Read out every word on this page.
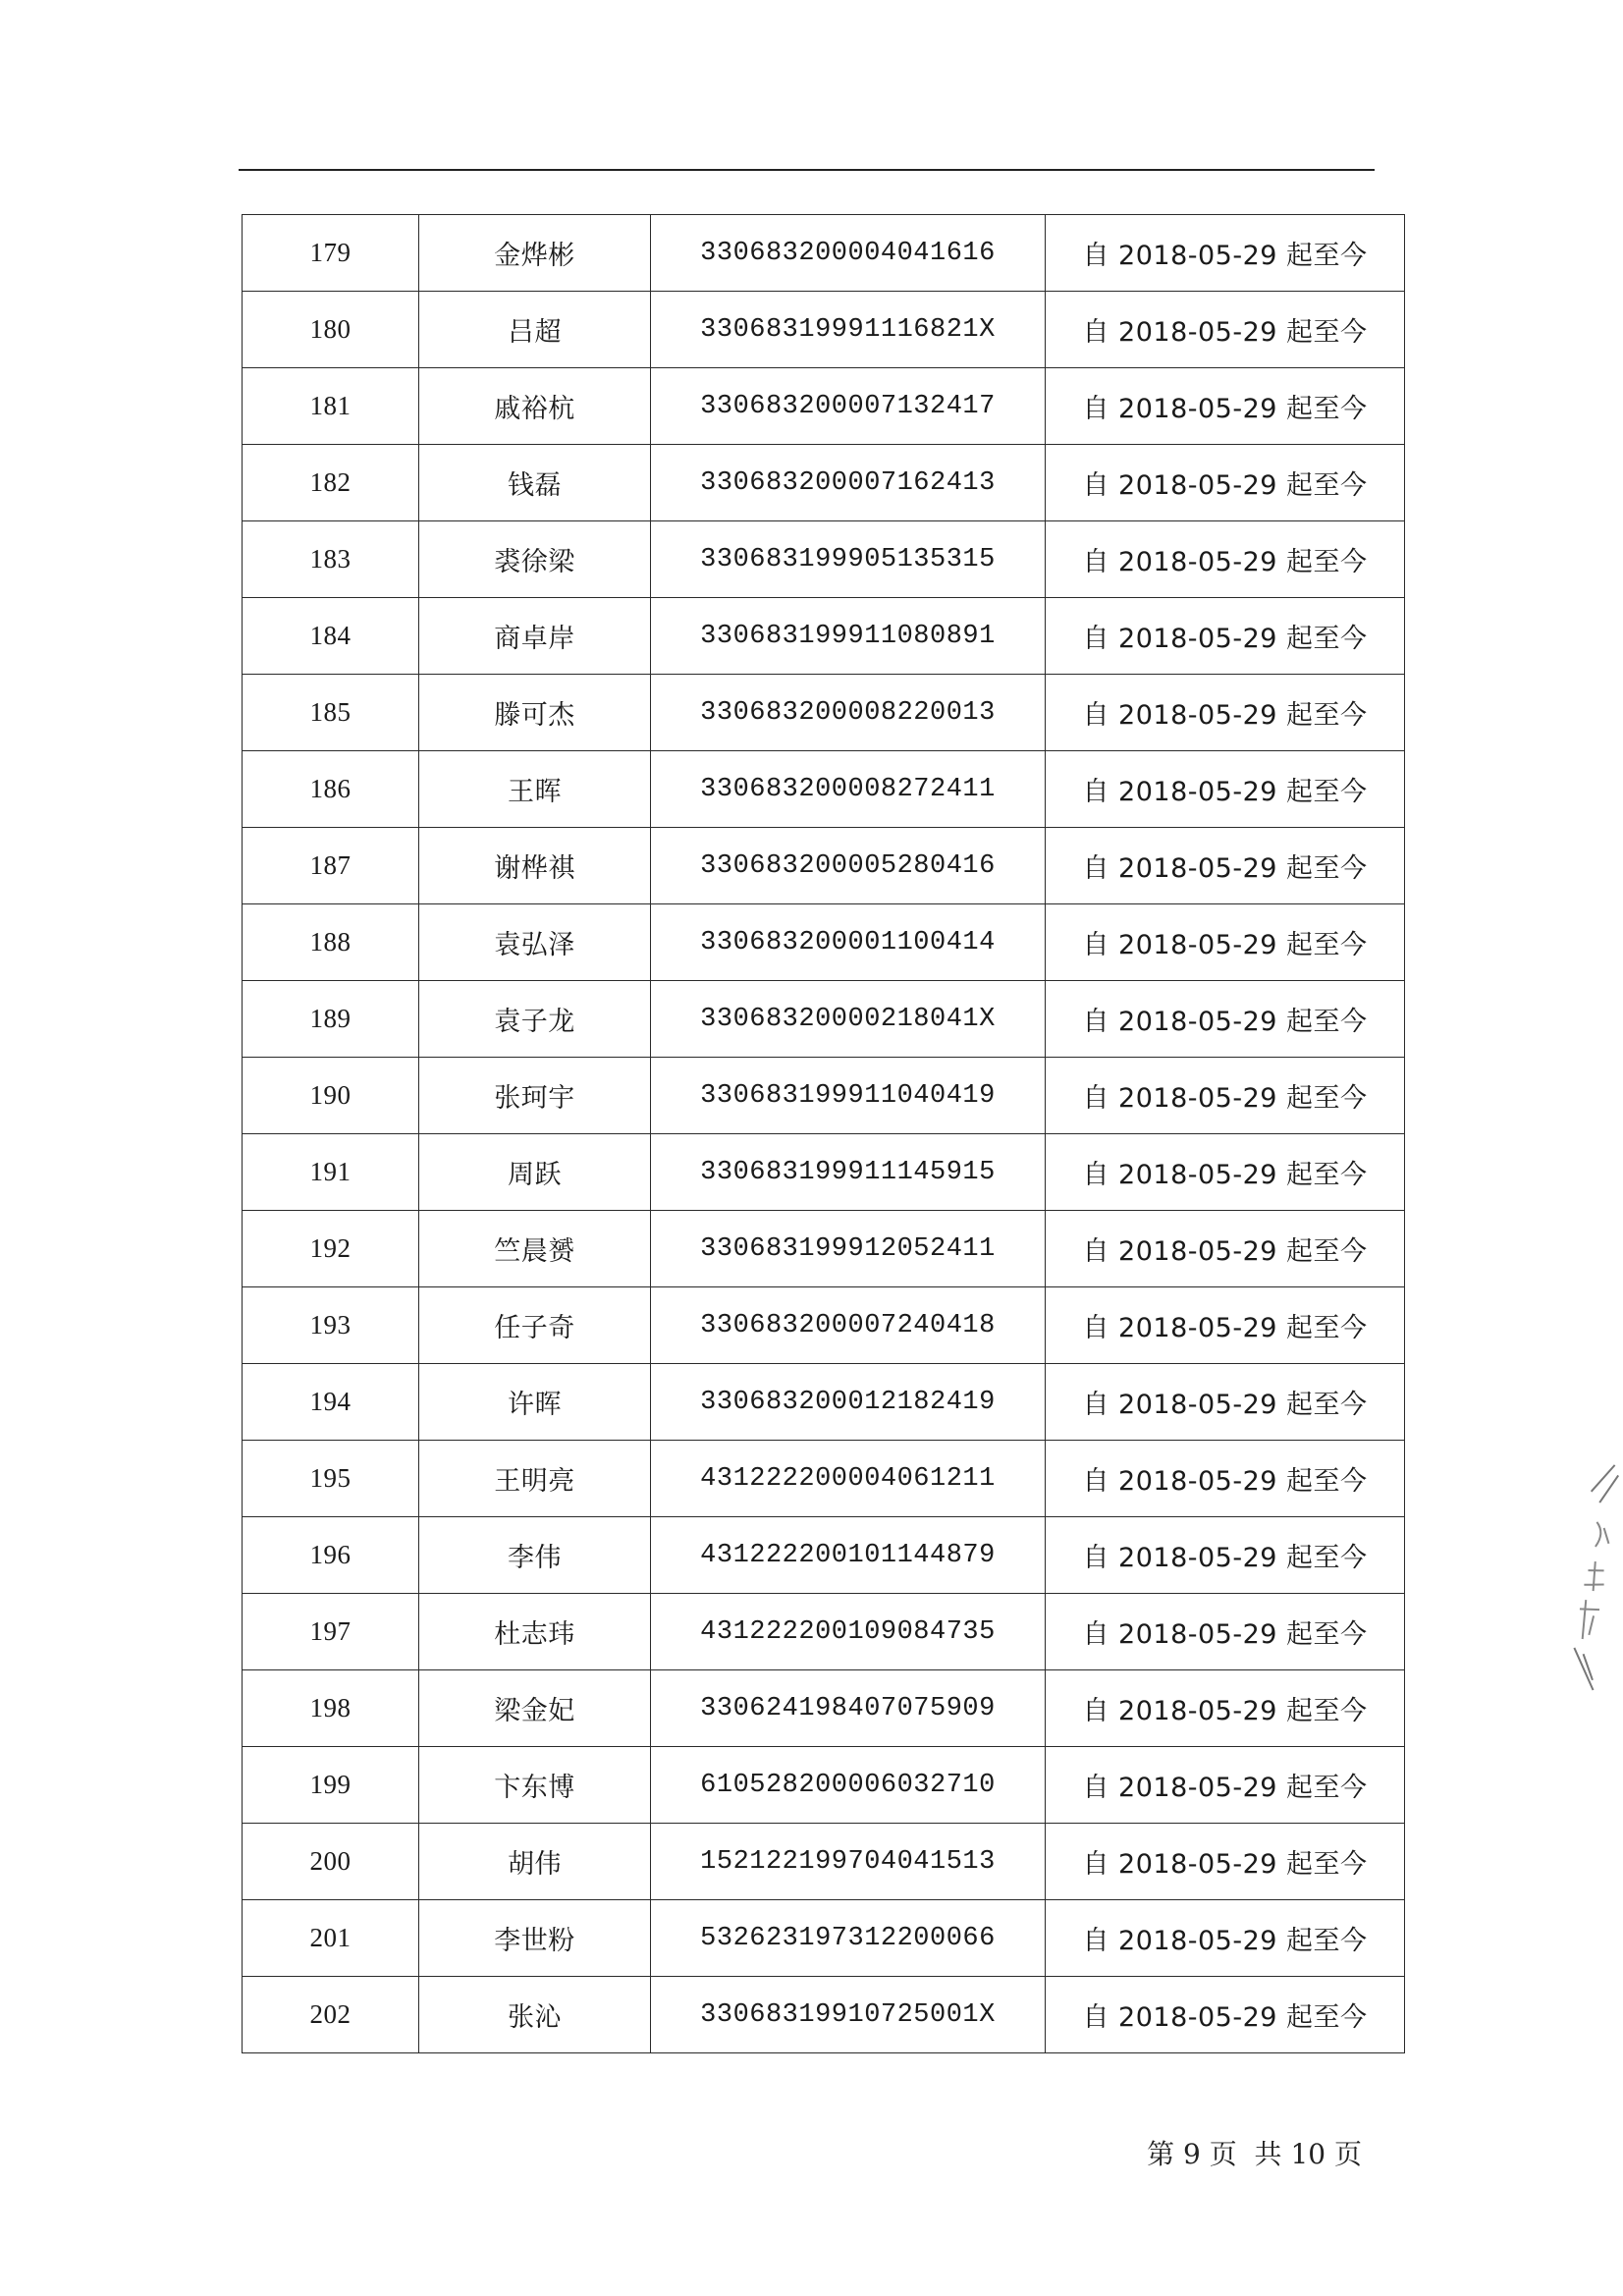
179	金烨彬	330683200004041616	自 2018-05-29 起至今
180	吕超	33068319991116821X	自 2018-05-29 起至今
181	戚裕杭	330683200007132417	自 2018-05-29 起至今
182	钱磊	330683200007162413	自 2018-05-29 起至今
183	裘徐梁	330683199905135315	自 2018-05-29 起至今
184	商卓岸	330683199911080891	自 2018-05-29 起至今
185	滕可杰	330683200008220013	自 2018-05-29 起至今
186	王晖	330683200008272411	自 2018-05-29 起至今
187	谢桦祺	330683200005280416	自 2018-05-29 起至今
188	袁弘泽	330683200001100414	自 2018-05-29 起至今
189	袁子龙	33068320000218041X	自 2018-05-29 起至今
190	张珂宇	330683199911040419	自 2018-05-29 起至今
191	周跃	330683199911145915	自 2018-05-29 起至今
192	竺晨赟	330683199912052411	自 2018-05-29 起至今
193	任子奇	330683200007240418	自 2018-05-29 起至今
194	许晖	330683200012182419	自 2018-05-29 起至今
195	王明亮	431222200004061211	自 2018-05-29 起至今
196	李伟	431222200101144879	自 2018-05-29 起至今
197	杜志玮	431222200109084735	自 2018-05-29 起至今
198	梁金妃	330624198407075909	自 2018-05-29 起至今
199	卞东博	610528200006032710	自 2018-05-29 起至今
200	胡伟	152122199704041513	自 2018-05-29 起至今
201	李世粉	532623197312200066	自 2018-05-29 起至今
202	张沁	33068319910725001X	自 2018-05-29 起至今
第 9 页  共 10 页
